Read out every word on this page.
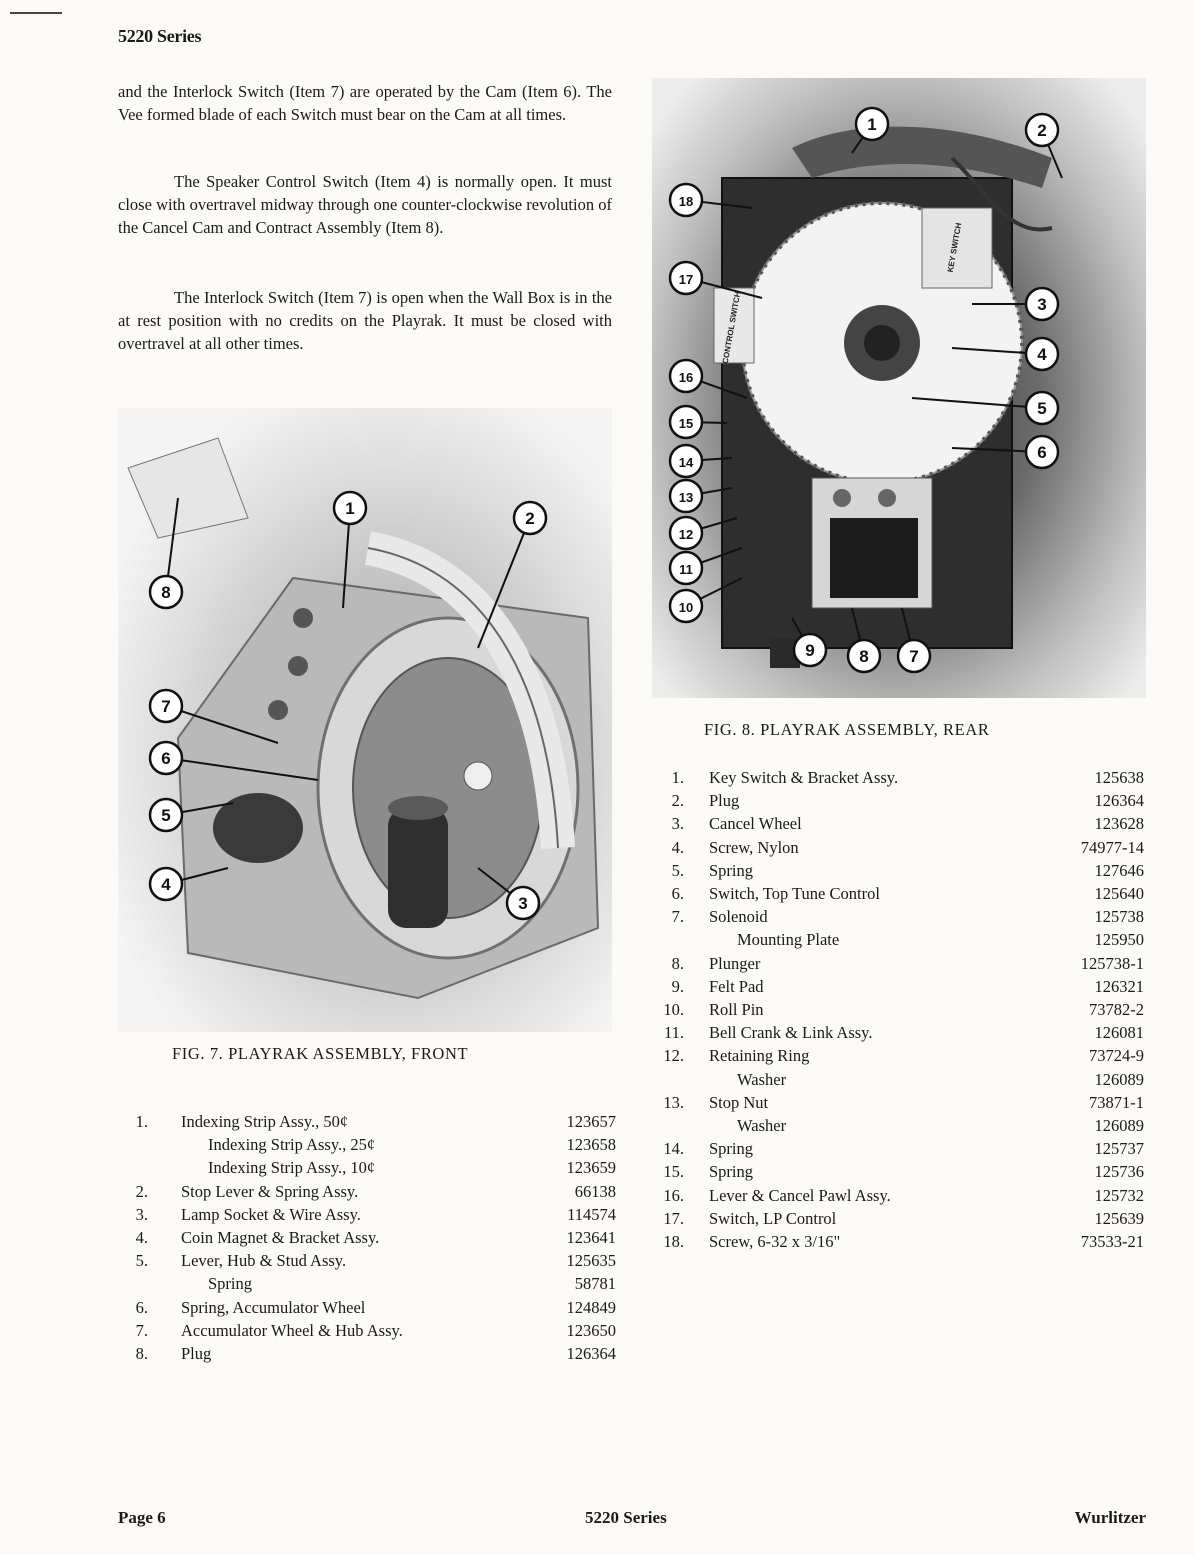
5220 Series

and the Interlock Switch (Item 7) are operated by the Cam (Item 6). The Vee formed blade of each Switch must bear on the Cam at all times.

The Speaker Control Switch (Item 4) is normally open. It must close with overtravel midway through one counter-clockwise revolution of the Cancel Cam and Contract Assembly (Item 8).

The Interlock Switch (Item 7) is open when the Wall Box is in the at rest position with no credits on the Playrak. It must be closed with overtravel at all other times.

1
2
3
4
5
6
7
8
FIG. 7. PLAYRAK ASSEMBLY, FRONT
1	2
3
4
5
6
7
8
9
10
11
12
13
14
15
16
17
18
KEY SWITCH
CONTROL SWITCH
FIG. 8. PLAYRAK ASSEMBLY, REAR
1. Indexing Strip Assy., 50¢	123657
Indexing Strip Assy., 25¢	123658
Indexing Strip Assy., 10¢	123659
2. Stop Lever & Spring Assy.	66138
3. Lamp Socket & Wire Assy.	114574
4. Coin Magnet & Bracket Assy.	123641
5. Lever, Hub & Stud Assy.	125635
Spring	58781
6. Spring, Accumulator Wheel	124849
7. Accumulator Wheel & Hub Assy.	123650
8. Plug	126364
1. Key Switch & Bracket Assy.	125638
2. Plug	126364
3. Cancel Wheel	123628
4. Screw, Nylon	74977-14
5. Spring	127646
6. Switch, Top Tune Control	125640
7. Solenoid	125738
Mounting Plate	125950
8. Plunger	125738-1
9. Felt Pad	126321
10. Roll Pin	73782-2
11. Bell Crank & Link Assy.	126081
12. Retaining Ring	73724-9
Washer	126089
13. Stop Nut	73871-1
Washer	126089
14. Spring	125737
15. Spring	125736
16. Lever & Cancel Pawl Assy.	125732
17. Switch, LP Control	125639
18. Screw, 6-32 x 3/16"	73533-21
Page 6	5220 Series	Wurlitzer
